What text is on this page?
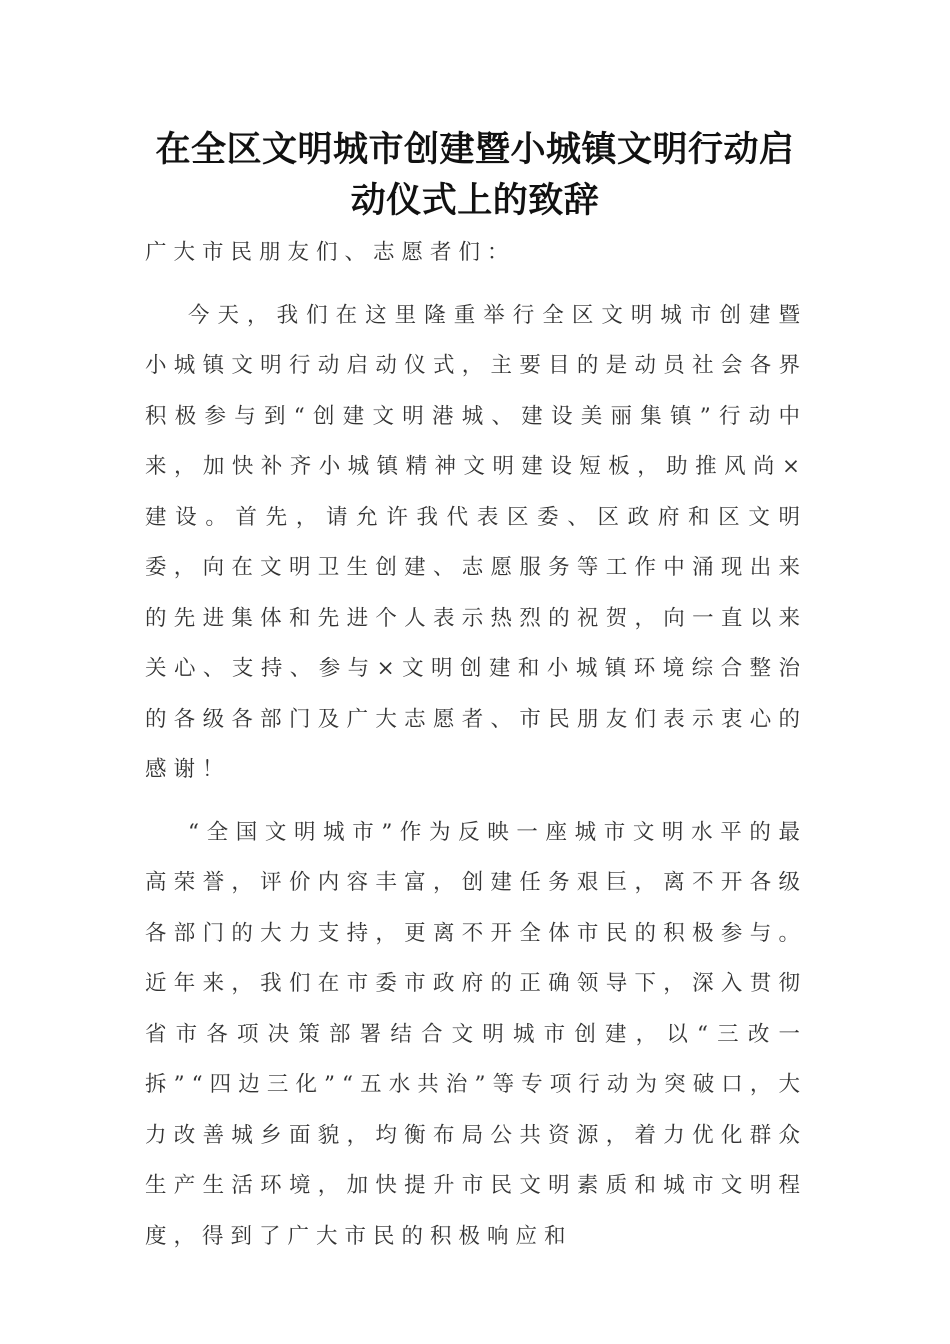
在全区文明城市创建暨小城镇文明行动启动仪式上的致辞

广大市民朋友们、志愿者们：

今天，我们在这里隆重举行全区文明城市创建暨小城镇文明行动启动仪式，主要目的是动员社会各界积极参与到“创建文明港城、建设美丽集镇”行动中来，加快补齐小城镇精神文明建设短板，助推风尚×建设。首先，请允许我代表区委、区政府和区文明委，向在文明卫生创建、志愿服务等工作中涌现出来的先进集体和先进个人表示热烈的祝贺，向一直以来关心、支持、参与×文明创建和小城镇环境综合整治的各级各部门及广大志愿者、市民朋友们表示衷心的感谢！

“全国文明城市”作为反映一座城市文明水平的最高荣誉，评价内容丰富，创建任务艰巨，离不开各级各部门的大力支持，更离不开全体市民的积极参与。近年来，我们在市委市政府的正确领导下，深入贯彻省市各项决策部署结合文明城市创建，以“三改一拆”“四边三化”“五水共治”等专项行动为突破口，大力改善城乡面貌，均衡布局公共资源，着力优化群众生产生活环境，加快提升市民文明素质和城市文明程度，得到了广大市民的积极响应和
